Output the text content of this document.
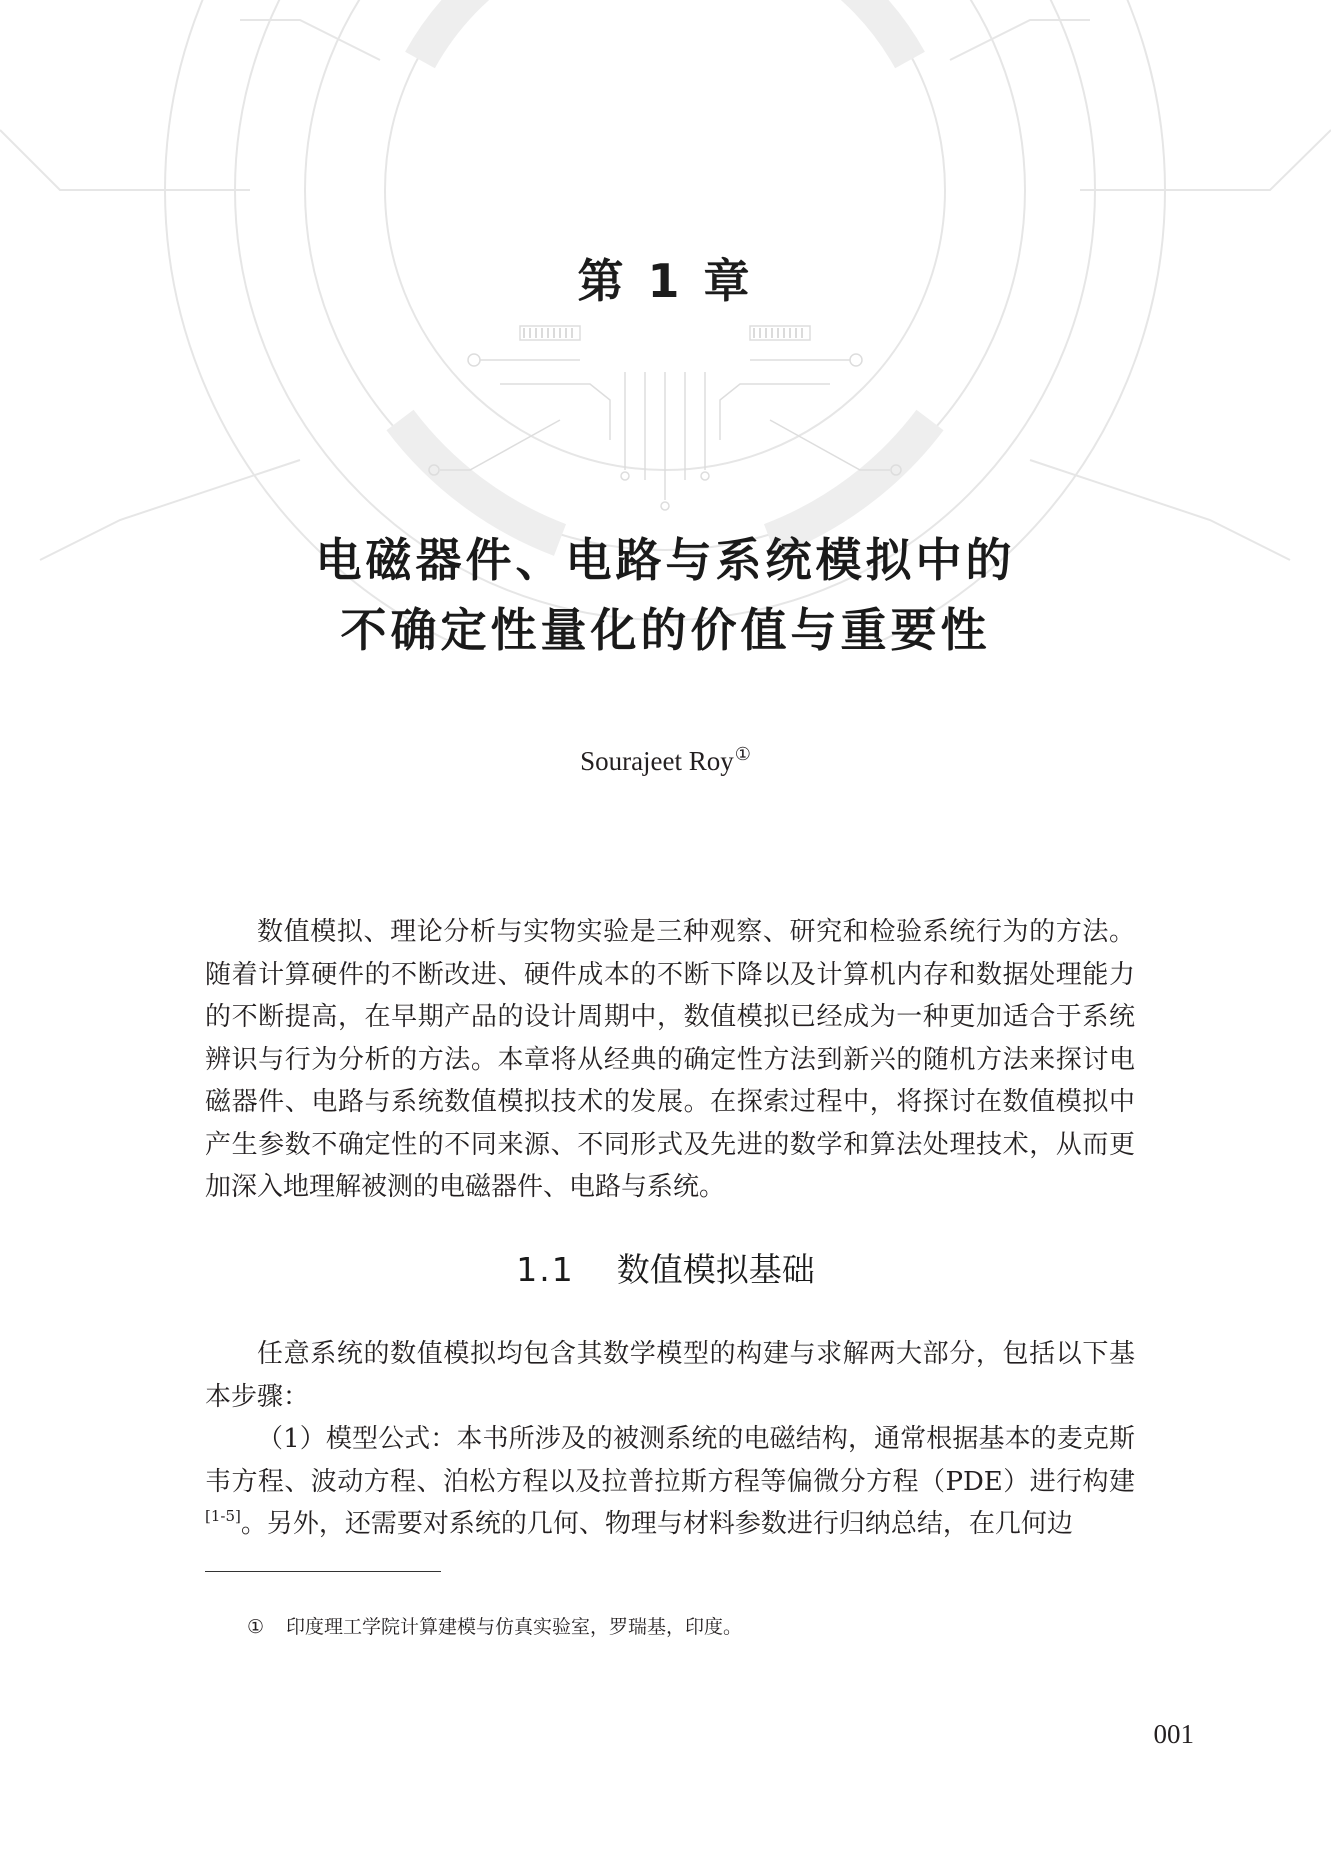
第 1 章
电磁器件、电路与系统模拟中的
不确定性量化的价值与重要性
Sourajeet Roy①

数值模拟、理论分析与实物实验是三种观察、研究和检验系统行为的方法。随着计算硬件的不断改进、硬件成本的不断下降以及计算机内存和数据处理能力的不断提高，在早期产品的设计周期中，数值模拟已经成为一种更加适合于系统辨识与行为分析的方法。本章将从经典的确定性方法到新兴的随机方法来探讨电磁器件、电路与系统数值模拟技术的发展。在探索过程中，将探讨在数值模拟中产生参数不确定性的不同来源、不同形式及先进的数学和算法处理技术，从而更加深入地理解被测的电磁器件、电路与系统。

1.1 数值模拟基础

任意系统的数值模拟均包含其数学模型的构建与求解两大部分，包括以下基本步骤：

（1）模型公式：本书所涉及的被测系统的电磁结构，通常根据基本的麦克斯韦方程、波动方程、泊松方程以及拉普拉斯方程等偏微分方程（PDE）进行构建[1-5]。另外，还需要对系统的几何、物理与材料参数进行归纳总结，在几何边

① 印度理工学院计算建模与仿真实验室，罗瑞基，印度。
001
